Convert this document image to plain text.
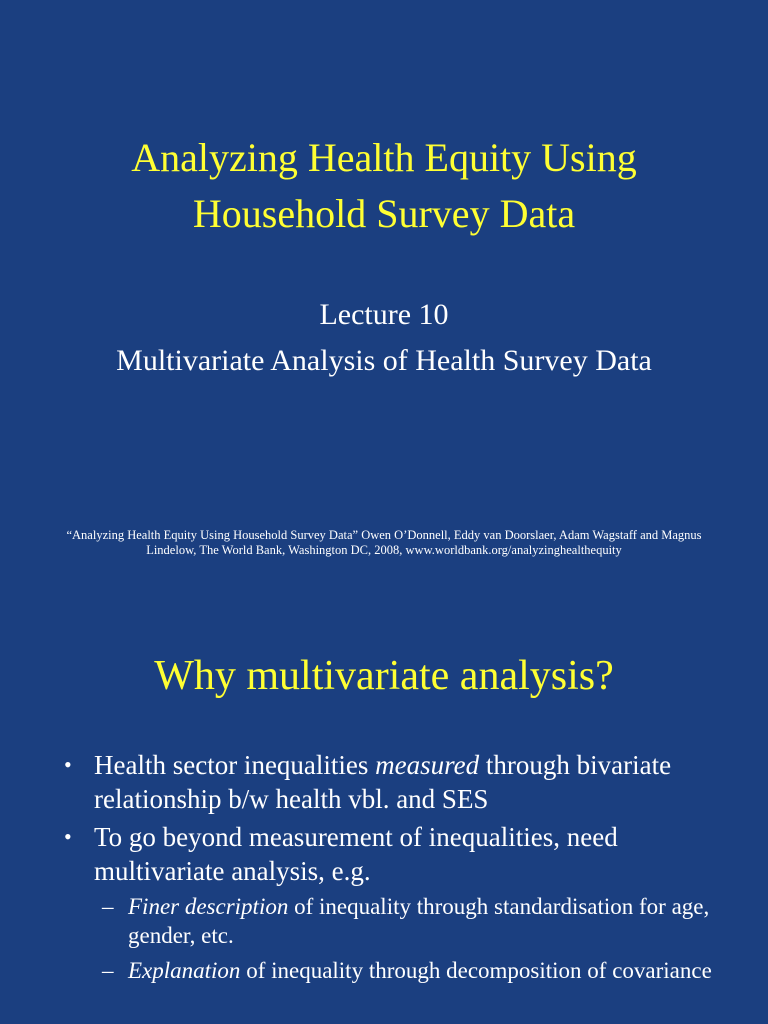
Analyzing Health Equity Using Household Survey Data
Lecture 10
Multivariate Analysis of Health Survey Data
“Analyzing Health Equity Using Household Survey Data” Owen O’Donnell, Eddy van Doorslaer, Adam Wagstaff and Magnus Lindelow, The World Bank, Washington DC, 2008, www.worldbank.org/analyzinghealthequity
Why multivariate analysis?
• Health sector inequalities measured through bivariate relationship b/w health vbl. and SES
• To go beyond measurement of inequalities, need multivariate analysis, e.g.
– Finer description of inequality through standardisation for age, gender, etc.
– Explanation of inequality through decomposition of covariance
